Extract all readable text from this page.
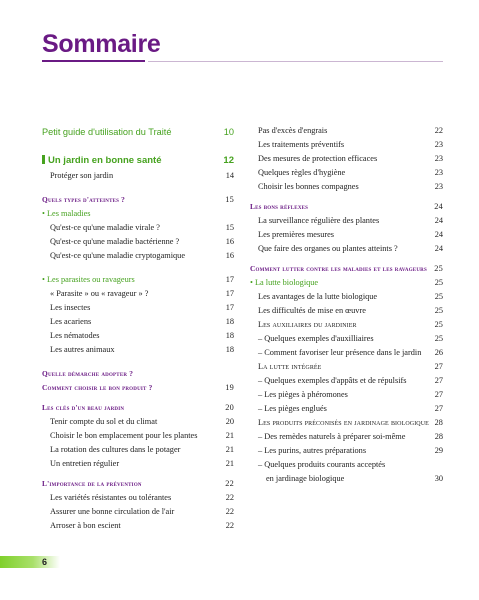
Sommaire
Petit guide d'utilisation du Traité	10
Un jardin en bonne santé	12
Protéger son jardin	14
Quels types d'atteintes ?	15
• Les maladies
Qu'est-ce qu'une maladie virale ?	15
Qu'est-ce qu'une maladie bactérienne ?	16
Qu'est-ce qu'une maladie cryptogamique	16
• Les parasites ou ravageurs	17
« Parasite » ou « ravageur » ?	17
Les insectes	17
Les acariens	18
Les nématodes	18
Les autres animaux	18
Quelle démarche adopter ?
Comment choisir le bon produit ?	19
Les clés d'un beau jardin	20
Tenir compte du sol et du climat	20
Choisir le bon emplacement pour les plantes	21
La rotation des cultures dans le potager	21
Un entretien régulier	21
L'importance de la prévention	22
Les variétés résistantes ou tolérantes	22
Assurer une bonne circulation de l'air	22
Arroser à bon escient	22
Pas d'excès d'engrais	22
Les traitements préventifs	23
Des mesures de protection efficaces	23
Quelques règles d'hygiène	23
Choisir les bonnes compagnes	23
Les bons réflexes	24
La surveillance régulière des plantes	24
Les premières mesures	24
Que faire des organes ou plantes atteints ?	24
Comment lutter contre les maladies et les ravageurs 25
• La lutte biologique	25
Les avantages de la lutte biologique	25
Les difficultés de mise en œuvre	25
Les auxiliaires du jardinier	25
– Quelques exemples d'auxilliaires	25
– Comment favoriser leur présence dans le jardin 26
La lutte intégrée	27
– Quelques exemples d'appâts et de répulsifs	27
– Les pièges à phéromones	27
– Les pièges englués	27
Les produits préconisés en jardinage biologique 28
– Des remèdes naturels à préparer soi-même	28
– Les purins, autres préparations	29
– Quelques produits courants acceptés
en jardinage biologique	30
6
